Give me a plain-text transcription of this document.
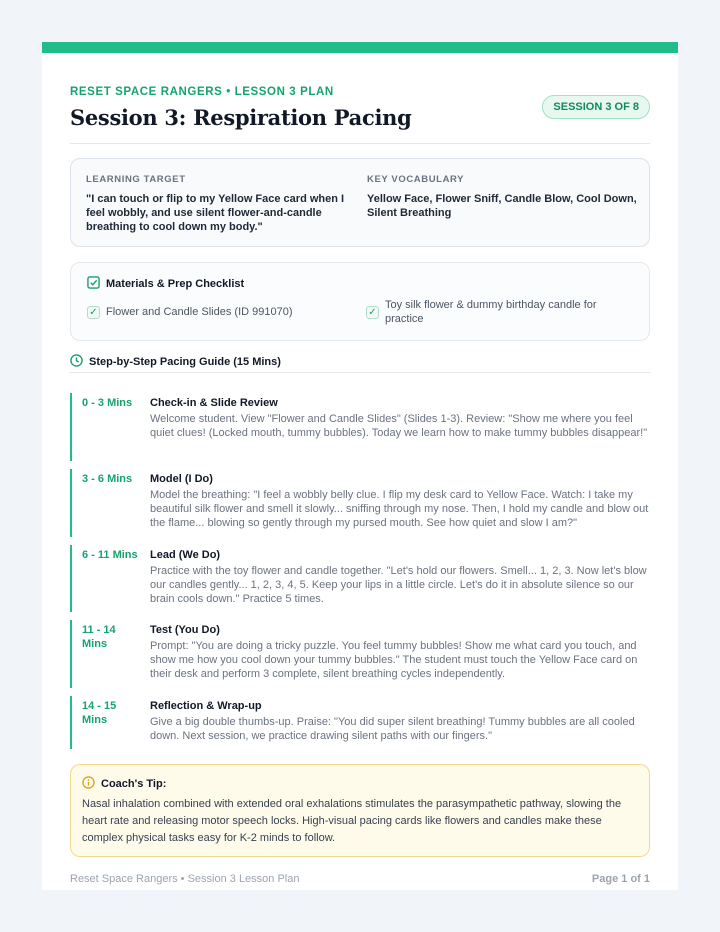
RESET SPACE RANGERS • LESSON 3 PLAN
Session 3: Respiration Pacing	SESSION 3 OF 8
LEARNING TARGET
"I can touch or flip to my Yellow Face card when I feel wobbly, and use silent flower-and-candle breathing to cool down my body."
KEY VOCABULARY
Yellow Face, Flower Sniff, Candle Blow, Cool Down, Silent Breathing
Materials & Prep Checklist
✓ Flower and Candle Slides (ID 991070)	✓
Toy silk flower & dummy birthday candle for practice
Step-by-Step Pacing Guide (15 Mins)
0 - 3 Mins	Check-in & Slide Review
Welcome student. View "Flower and Candle Slides" (Slides 1-3). Review: "Show me where you feel quiet clues! (Locked mouth, tummy bubbles). Today we learn how to make tummy bubbles disappear!"
3 - 6 Mins	Model (I Do)
Model the breathing: "I feel a wobbly belly clue. I flip my desk card to Yellow Face. Watch: I take my beautiful silk flower and smell it slowly... sniffing through my nose. Then, I hold my candle and blow out the flame... blowing so gently through my pursed mouth. See how quiet and slow I am?"
6 - 11 Mins	Lead (We Do)
Practice with the toy flower and candle together. "Let's hold our flowers. Smell... 1, 2, 3. Now let's blow our candles gently... 1, 2, 3, 4, 5. Keep your lips in a little circle. Let's do it in absolute silence so our brain cools down." Practice 5 times.
11 - 14 Mins
Test (You Do)
Prompt: "You are doing a tricky puzzle. You feel tummy bubbles! Show me what card you touch, and show me how you cool down your tummy bubbles." The student must touch the Yellow Face card on their desk and perform 3 complete, silent breathing cycles independently.
14 - 15 Mins
Reflection & Wrap-up
Give a big double thumbs-up. Praise: "You did super silent breathing! Tummy bubbles are all cooled down. Next session, we practice drawing silent paths with our fingers."
Coach's Tip:
Nasal inhalation combined with extended oral exhalations stimulates the parasympathetic pathway, slowing the heart rate and releasing motor speech locks. High-visual pacing cards like flowers and candles make these complex physical tasks easy for K-2 minds to follow.
Reset Space Rangers • Session 3 Lesson Plan	Page 1 of 1
